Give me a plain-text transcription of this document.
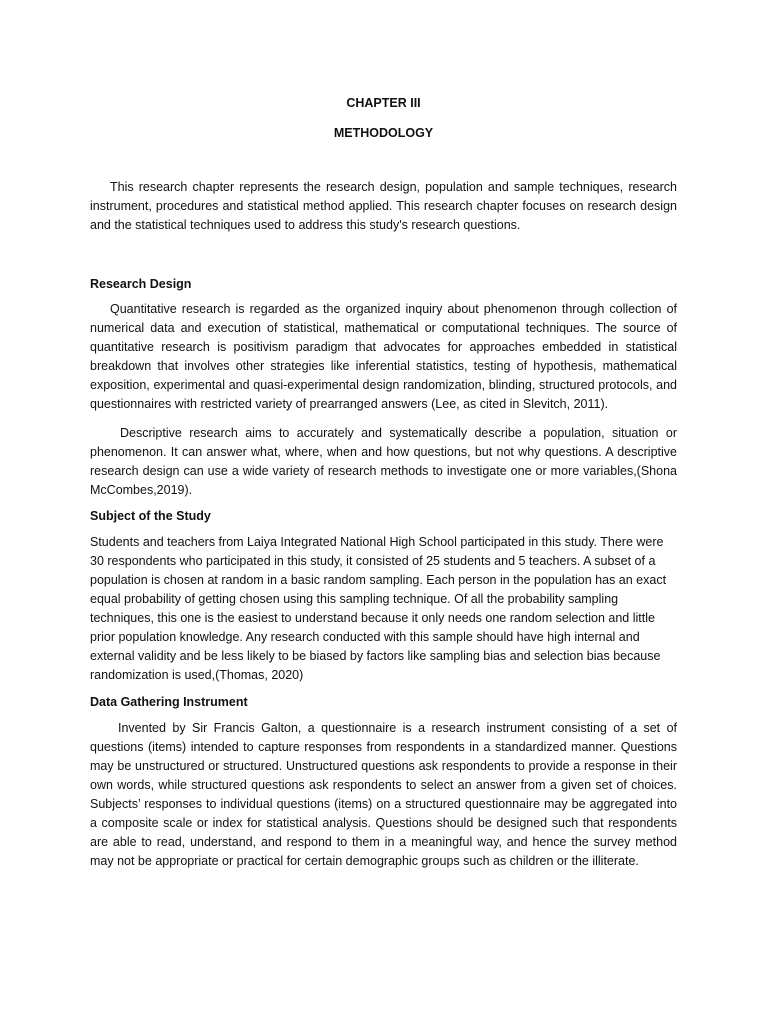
CHAPTER III

METHODOLOGY

This research chapter represents the research design, population and sample techniques, research instrument, procedures and statistical method applied. This research chapter focuses on research design and the statistical techniques used to address this study's research questions.

Research Design

Quantitative research is regarded as the organized inquiry about phenomenon through collection of numerical data and execution of statistical, mathematical or computational techniques. The source of quantitative research is positivism paradigm that advocates for approaches embedded in statistical breakdown that involves other strategies like inferential statistics, testing of hypothesis, mathematical exposition, experimental and quasi-experimental design randomization, blinding, structured protocols, and questionnaires with restricted variety of prearranged answers (Lee, as cited in Slevitch, 2011).

Descriptive research aims to accurately and systematically describe a population, situation or phenomenon. It can answer what, where, when and how questions, but not why questions. A descriptive research design can use a wide variety of research methods to investigate one or more variables,(Shona McCombes,2019).

Subject of the Study

Students and teachers from Laiya Integrated National High School participated in this study. There were 30 respondents who participated in this study, it consisted of 25 students and 5 teachers. A subset of a population is chosen at random in a basic random sampling. Each person in the population has an exact equal probability of getting chosen using this sampling technique. Of all the probability sampling techniques, this one is the easiest to understand because it only needs one random selection and little prior population knowledge. Any research conducted with this sample should have high internal and external validity and be less likely to be biased by factors like sampling bias and selection bias because randomization is used,(Thomas, 2020)

Data Gathering Instrument

Invented by Sir Francis Galton, a questionnaire is a research instrument consisting of a set of questions (items) intended to capture responses from respondents in a standardized manner. Questions may be unstructured or structured. Unstructured questions ask respondents to provide a response in their own words, while structured questions ask respondents to select an answer from a given set of choices. Subjects’ responses to individual questions (items) on a structured questionnaire may be aggregated into a composite scale or index for statistical analysis. Questions should be designed such that respondents are able to read, understand, and respond to them in a meaningful way, and hence the survey method may not be appropriate or practical for certain demographic groups such as children or the illiterate.
